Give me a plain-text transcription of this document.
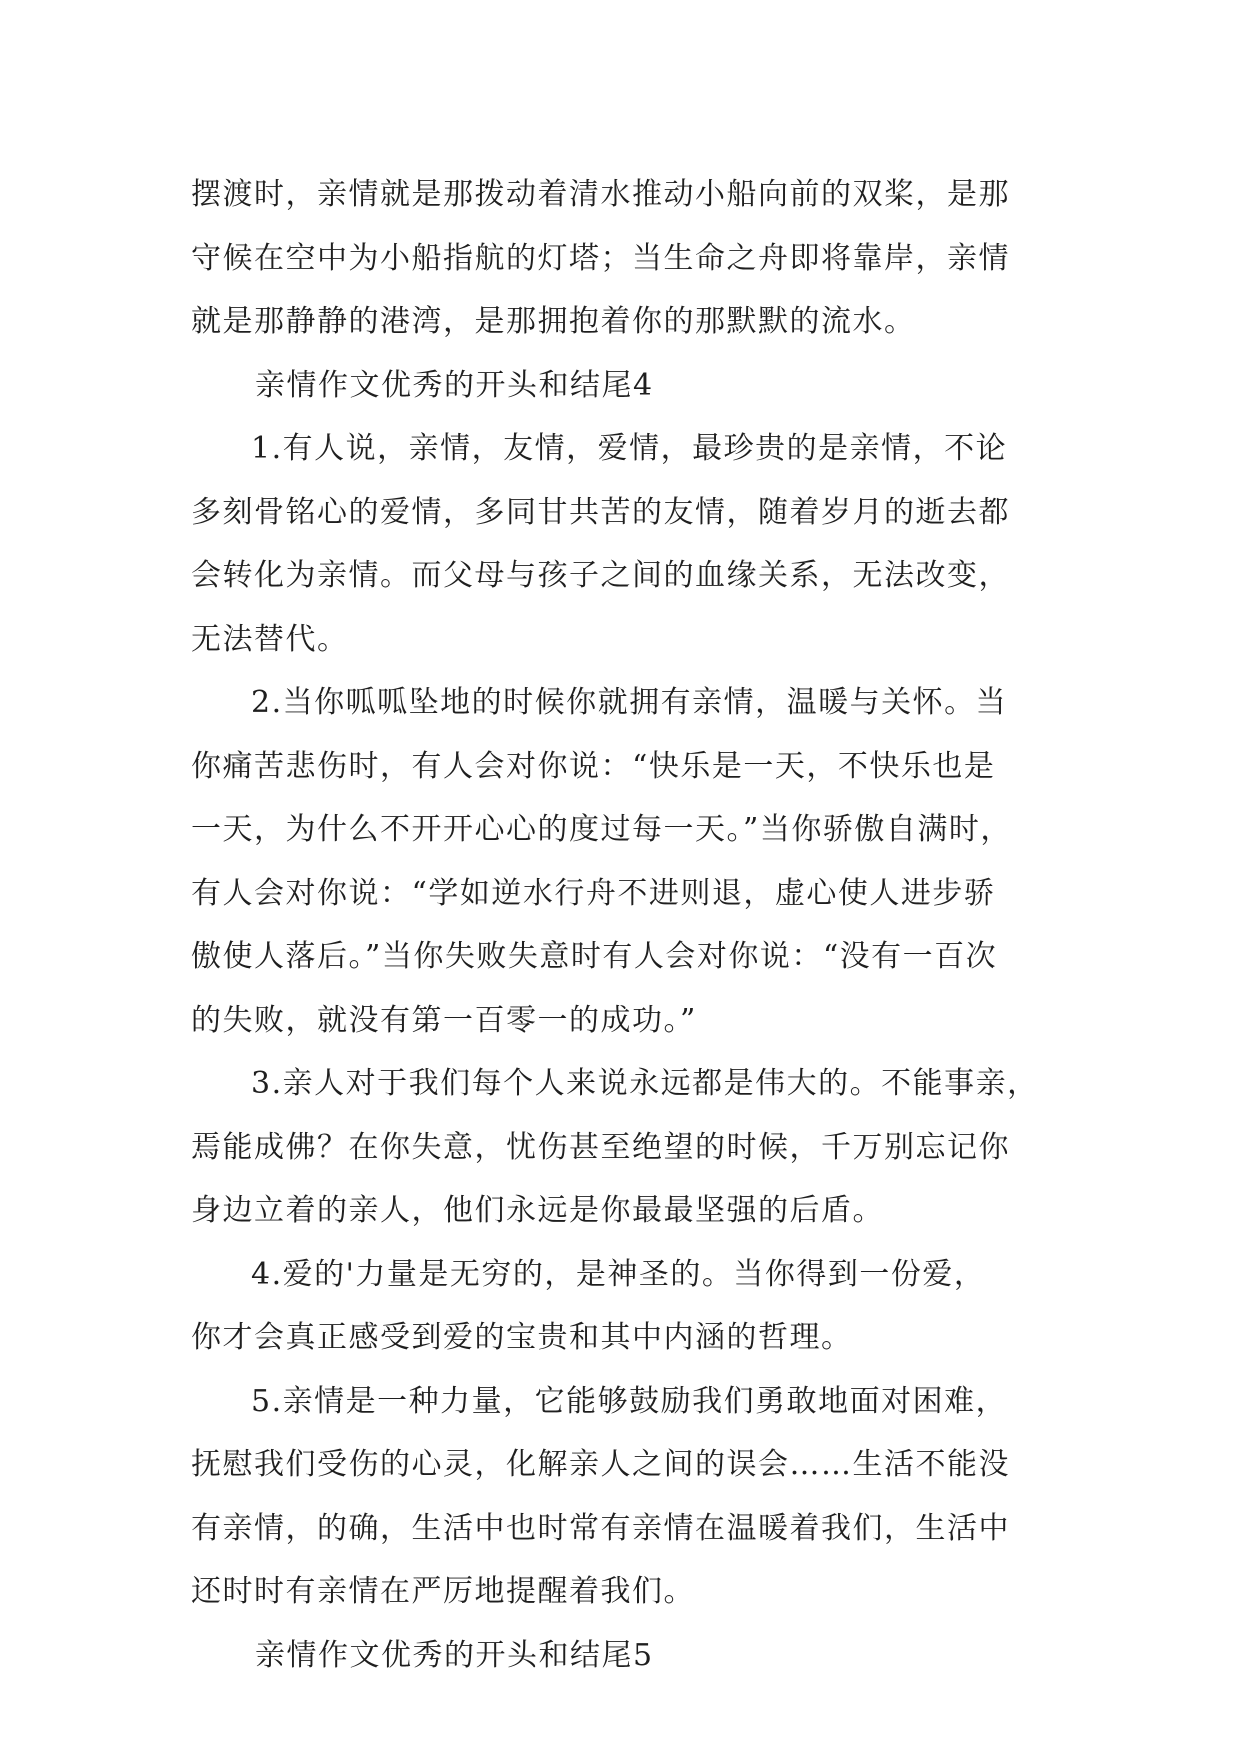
摆渡时，亲情就是那拨动着清水推动小船向前的双桨，是那
守候在空中为小船指航的灯塔；当生命之舟即将靠岸，亲情
就是那静静的港湾，是那拥抱着你的那默默的流水。

亲情作文优秀的开头和结尾4

1.有人说，亲情，友情，爱情，最珍贵的是亲情，不论
多刻骨铭心的爱情，多同甘共苦的友情，随着岁月的逝去都
会转化为亲情。而父母与孩子之间的血缘关系，无法改变，
无法替代。

2.当你呱呱坠地的时候你就拥有亲情，温暖与关怀。当
你痛苦悲伤时，有人会对你说：“快乐是一天，不快乐也是
一天，为什么不开开心心的度过每一天。”当你骄傲自满时，
有人会对你说：“学如逆水行舟不进则退，虚心使人进步骄
傲使人落后。”当你失败失意时有人会对你说：“没有一百次
的失败，就没有第一百零一的成功。”

3.亲人对于我们每个人来说永远都是伟大的。不能事亲，
焉能成佛？在你失意，忧伤甚至绝望的时候，千万别忘记你
身边立着的亲人，他们永远是你最最坚强的后盾。

4.爱的'力量是无穷的，是神圣的。当你得到一份爱，
你才会真正感受到爱的宝贵和其中内涵的哲理。

5.亲情是一种力量，它能够鼓励我们勇敢地面对困难，
抚慰我们受伤的心灵，化解亲人之间的误会……生活不能没
有亲情，的确，生活中也时常有亲情在温暖着我们，生活中
还时时有亲情在严厉地提醒着我们。

亲情作文优秀的开头和结尾5
